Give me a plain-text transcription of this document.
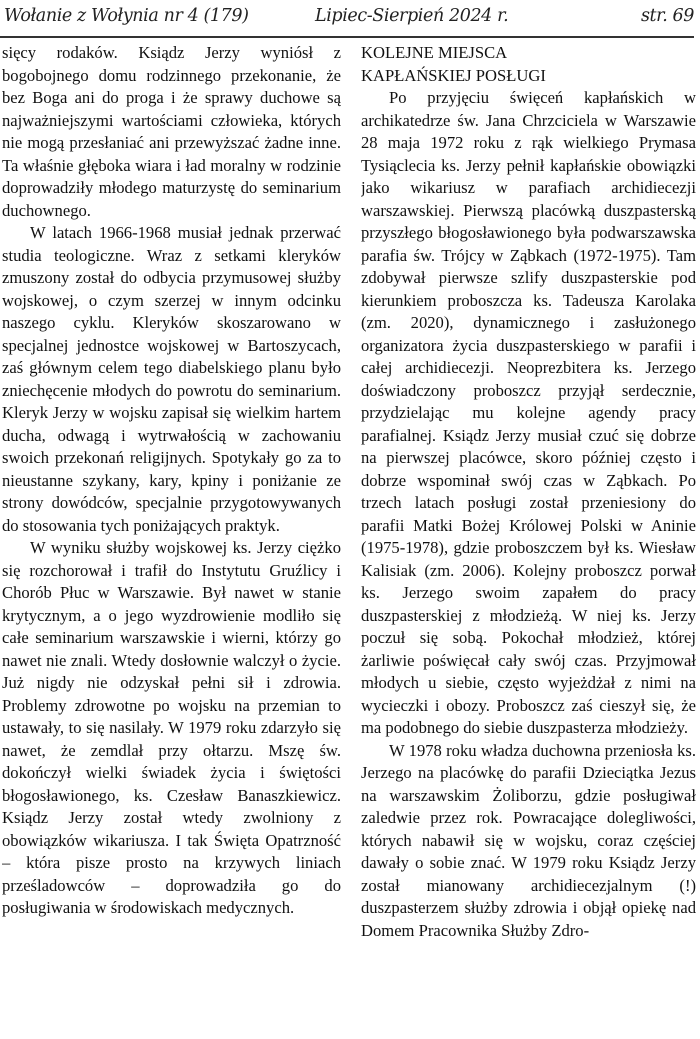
Wołanie z Wołynia nr 4 (179)	Lipiec-Sierpień 2024 r.	str. 69

sięcy rodaków. Ksiądz Jerzy wyniósł z bogobojnego domu rodzinnego przekonanie, że bez Boga ani do proga i że sprawy duchowe są najważniejszymi wartościami człowieka, których nie mogą przesłaniać ani przewyższać żadne inne. Ta właśnie głęboka wiara i ład moralny w rodzinie doprowadziły młodego maturzystę do seminarium duchownego.

W latach 1966-1968 musiał jednak przerwać studia teologiczne. Wraz z setkami kleryków zmuszony został do odbycia przymusowej służby wojskowej, o czym szerzej w innym odcinku naszego cyklu. Kleryków skoszarowano w specjalnej jednostce wojskowej w Bartoszycach, zaś głównym celem tego diabelskiego planu było zniechęcenie młodych do powrotu do seminarium. Kleryk Jerzy w wojsku zapisał się wielkim hartem ducha, odwagą i wytrwałością w zachowaniu swoich przekonań religijnych. Spotykały go za to nieustanne szykany, kary, kpiny i poniżanie ze strony dowódców, specjalnie przygotowywanych do stosowania tych poniżających praktyk.

W wyniku służby wojskowej ks. Jerzy ciężko się rozchorował i trafił do Instytutu Gruźlicy i Chorób Płuc w Warszawie. Był nawet w stanie krytycznym, a o jego wyzdrowienie modliło się całe seminarium warszawskie i wierni, którzy go nawet nie znali. Wtedy dosłownie walczył o życie. Już nigdy nie odzyskał pełni sił i zdrowia. Problemy zdrowotne po wojsku na przemian to ustawały, to się nasilały. W 1979 roku zdarzyło się nawet, że zemdlał przy ołtarzu. Mszę św. dokończył wielki świadek życia i świętości błogosławionego, ks. Czesław Banaszkiewicz. Ksiądz Jerzy został wtedy zwolniony z obowiązków wikariusza. I tak Święta Opatrzność – która pisze prosto na krzywych liniach prześladowców – doprowadziła go do posługiwania w środowiskach medycznych.

KOLEJNE MIEJSCA
KAPŁAŃSKIEJ POSŁUGI

Po przyjęciu święceń kapłańskich w archikatedrze św. Jana Chrzciciela w Warszawie 28 maja 1972 roku z rąk wielkiego Prymasa Tysiąclecia ks. Jerzy pełnił kapłańskie obowiązki jako wikariusz w parafiach archidiecezji warszawskiej. Pierwszą placówką duszpasterską przyszłego błogosławionego była podwarszawska parafia św. Trójcy w Ząbkach (1972-1975). Tam zdobywał pierwsze szlify duszpasterskie pod kierunkiem proboszcza ks. Tadeusza Karolaka (zm. 2020), dynamicznego i zasłużonego organizatora życia duszpasterskiego w parafii i całej archidiecezji. Neoprezbitera ks. Jerzego doświadczony proboszcz przyjął serdecznie, przydzielając mu kolejne agendy pracy parafialnej. Ksiądz Jerzy musiał czuć się dobrze na pierwszej placówce, skoro później często i dobrze wspominał swój czas w Ząbkach. Po trzech latach posługi został przeniesiony do parafii Matki Bożej Królowej Polski w Aninie (1975-1978), gdzie proboszczem był ks. Wiesław Kalisiak (zm. 2006). Kolejny proboszcz porwał ks. Jerzego swoim zapałem do pracy duszpasterskiej z młodzieżą. W niej ks. Jerzy poczuł się sobą. Pokochał młodzież, której żarliwie poświęcał cały swój czas. Przyjmował młodych u siebie, często wyjeżdżał z nimi na wycieczki i obozy. Proboszcz zaś cieszył się, że ma podobnego do siebie duszpasterza młodzieży.

W 1978 roku władza duchowna przeniosła ks. Jerzego na placówkę do parafii Dzieciątka Jezus na warszawskim Żoliborzu, gdzie posługiwał zaledwie przez rok. Powracające dolegliwości, których nabawił się w wojsku, coraz częściej dawały o sobie znać. W 1979 roku Ksiądz Jerzy został mianowany archidiecezjalnym (!) duszpasterzem służby zdrowia i objął opiekę nad Domem Pracownika Służby Zdro-
